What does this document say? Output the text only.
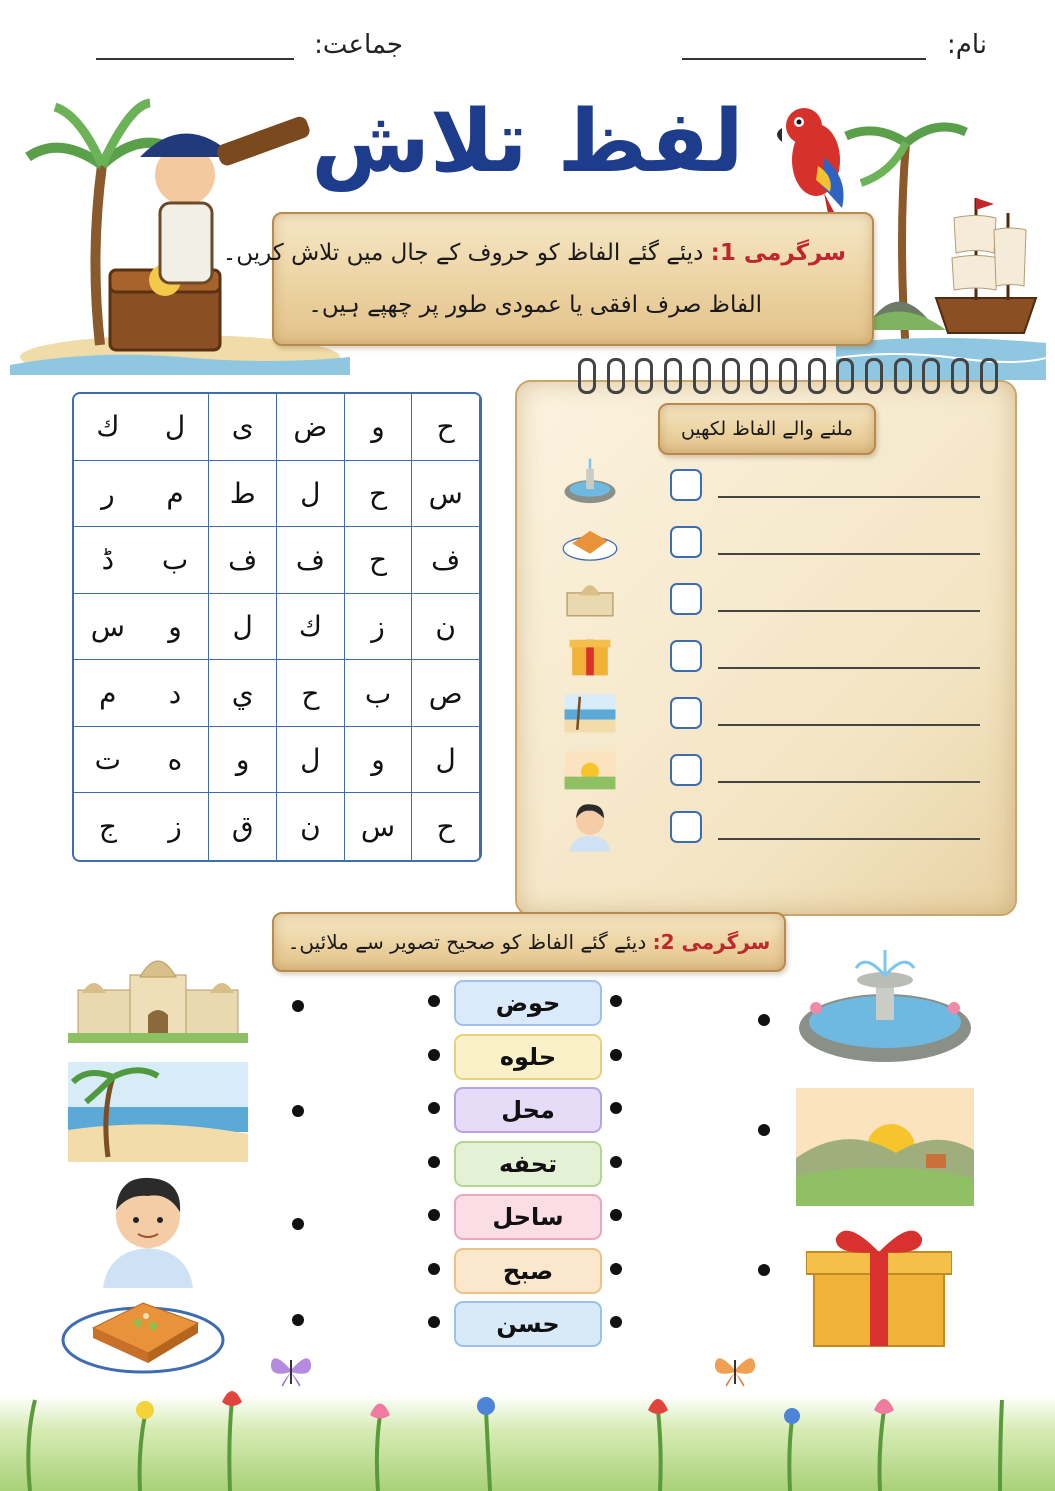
نام:
جماعت:
لفظ تلاش
سرگرمی 1: دیئے گئے الفاظ کو حروف کے جال میں تلاش کریں۔
الفاظ صرف افقی یا عمودی طور پر چھپے ہیں۔
ح
و
ض
ی
ل
ك
س
ح
ل
ط
م
ر
ف
ح
ف
ف
ب
ڈ
ن
ز
ك
ل
و
س
ص
ب
ح
ي
د
م
ل
و
ل
و
ه
ت
ح
س
ن
ق
ز
ج
ملنے والے الفاظ لکھیں
سرگرمی 2:

دیئے گئے الفاظ کو صحیح تصویر سے ملائیں۔
حوض
حلوه
محل
تحفه
ساحل
صبح
حسن
